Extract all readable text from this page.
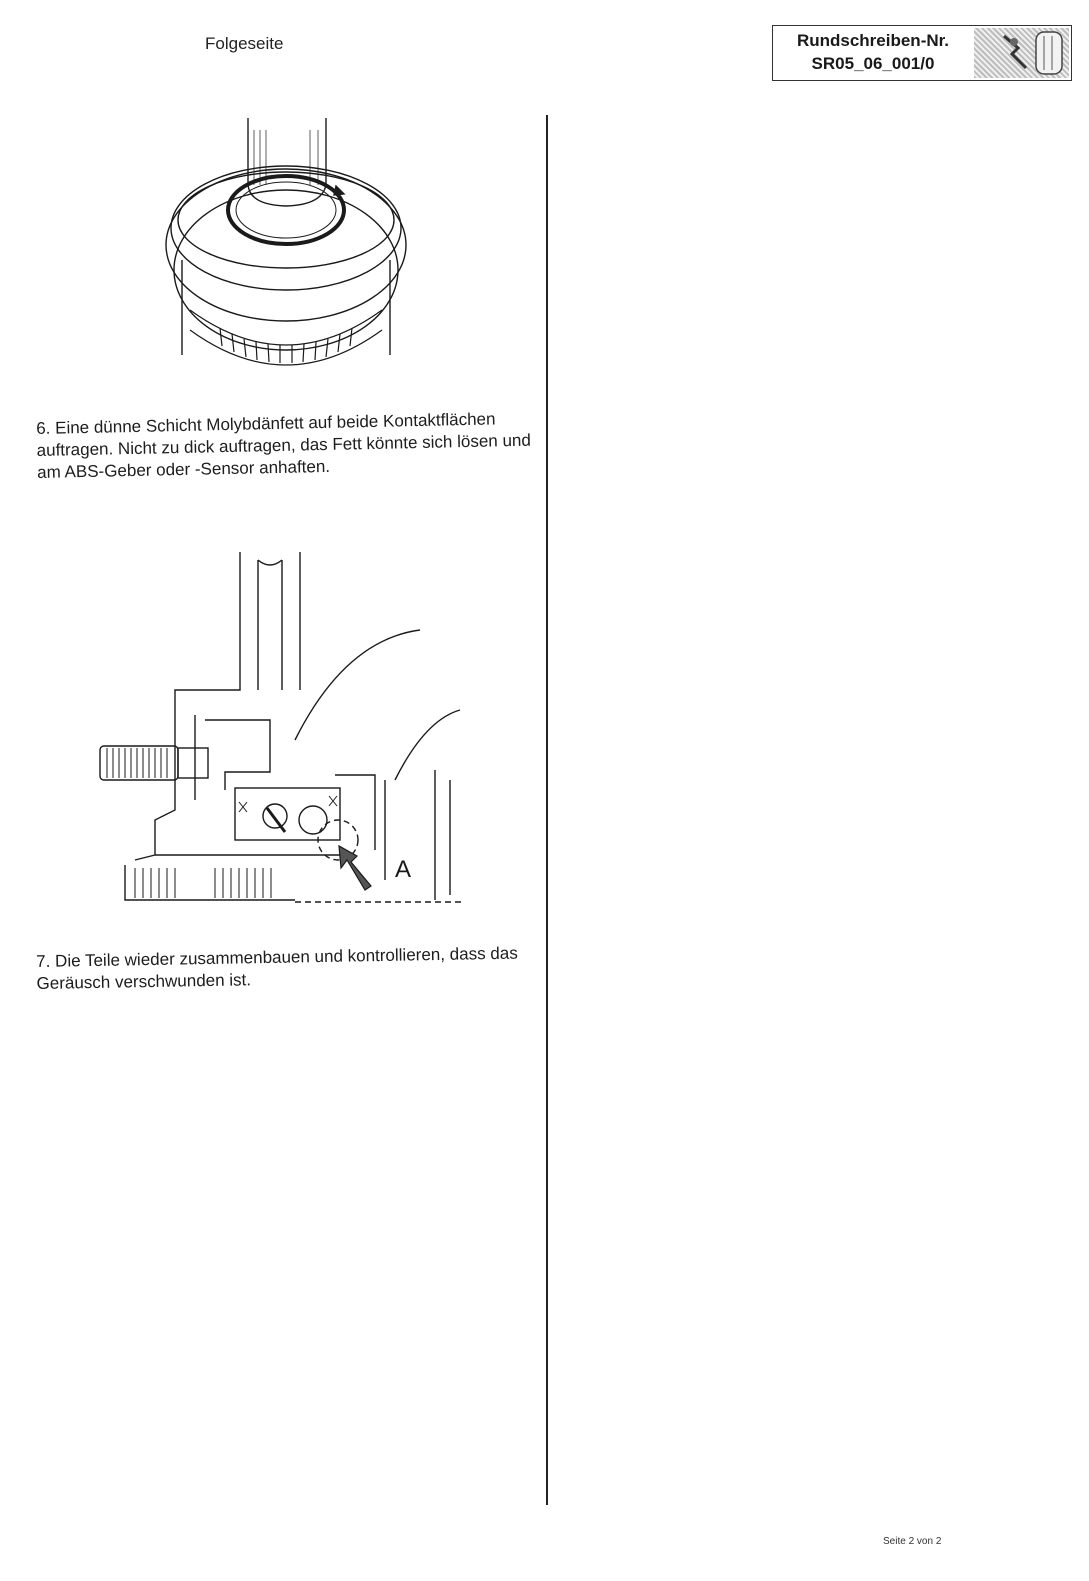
Folgeseite	Rundschreiben-Nr.
SR05_06_001/0
6. Eine dünne Schicht Molybdänfett auf beide Kontaktflächen auftragen. Nicht zu dick auftragen, das Fett könnte sich lösen und am ABS-Geber oder -Sensor anhaften.
A
7. Die Teile wieder zusammenbauen und kontrollieren, dass das Geräusch verschwunden ist.
Seite 2 von 2
